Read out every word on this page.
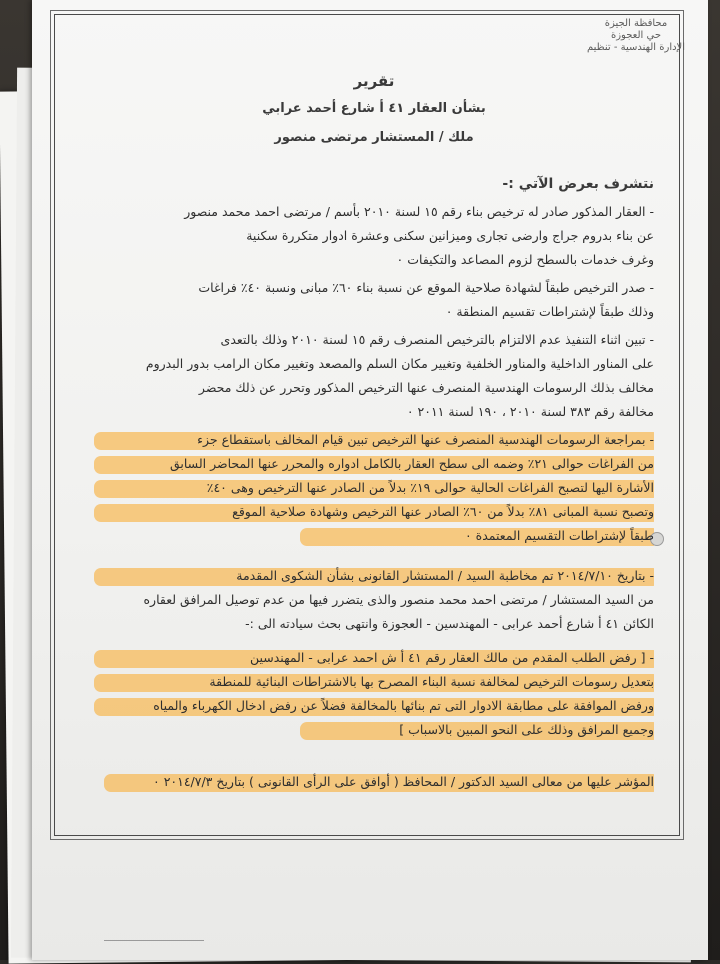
محافظة الجيزة
حي العجوزة
الإدارة الهندسية - تنظيم
تقرير
بشأن العقار ٤١ أ شارع أحمد عرابي
ملك / المستشار مرتضى منصور
نتشرف بعرض الآتي :-
- العقار المذكور صادر له ترخيص بناء رقم ١٥ لسنة ٢٠١٠ بأسم / مرتضى احمد محمد منصور
عن بناء بدروم جراج وارضى تجارى وميزانين سكنى وعشرة ادوار متكررة سكنية
وغرف خدمات بالسطح لزوم المصاعد والتكيفات ٠
- صدر الترخيص طبقاً لشهادة صلاحية الموقع عن نسبة بناء ٦٠٪ مبانى ونسبة ٤٠٪ فراغات
وذلك طبقاً لإشتراطات تقسيم المنطقة ٠
- تبين اثناء التنفيذ عدم الالتزام بالترخيص المنصرف رقم ١٥ لسنة ٢٠١٠ وذلك بالتعدى
على المناور الداخلية والمناور الخلفية وتغيير مكان السلم والمصعد وتغيير مكان الرامب بدور البدروم
مخالف بذلك الرسومات الهندسية المنصرف عنها الترخيص المذكور وتحرر عن ذلك محضر
مخالفة رقم ٣٨٣ لسنة ٢٠١٠ ، ١٩٠ لسنة ٢٠١١ ٠
- بمراجعة الرسومات الهندسية المنصرف عنها الترخيص تبين قيام المخالف باستقطاع جزء
من الفراغات حوالى ٢١٪ وضمه الى سطح العقار بالكامل ادواره والمحرر عنها المحاضر السابق
الأشارة اليها لتصبح الفراغات الحالية حوالى ١٩٪ بدلاً من الصادر عنها الترخيص وهى ٤٠٪
وتصبح نسبة المبانى ٨١٪ بدلاً من ٦٠٪ الصادر عنها الترخيص وشهادة صلاحية الموقع
طبقاً لإشتراطات التقسيم المعتمدة ٠
- بتاريخ ٢٠١٤/٧/١٠ تم مخاطبة السيد / المستشار القانونى بشأن الشكوى المقدمة
من السيد المستشار / مرتضى احمد محمد منصور والذى يتضرر فيها من عدم توصيل المرافق لعقاره
الكائن ٤١ أ شارع أحمد عرابى - المهندسين - العجوزة وانتهى بحث سيادته الى :-
- [ رفض الطلب المقدم من مالك العقار رقم ٤١ أ ش احمد عرابى - المهندسين
بتعديل رسومات الترخيص لمخالفة نسبة البناء المصرح بها بالاشتراطات البنائية للمنطقة
ورفض الموافقة على مطابقة الادوار التى تم بنائها بالمخالفة فضلاً عن رفض ادخال الكهرباء والمياه
وجميع المرافق وذلك على النحو المبين بالاسباب ]
المؤشر عليها من معالى السيد الدكتور / المحافظ ( أوافق على الرأى القانونى ) بتاريخ ٢٠١٤/٧/٣ ٠
